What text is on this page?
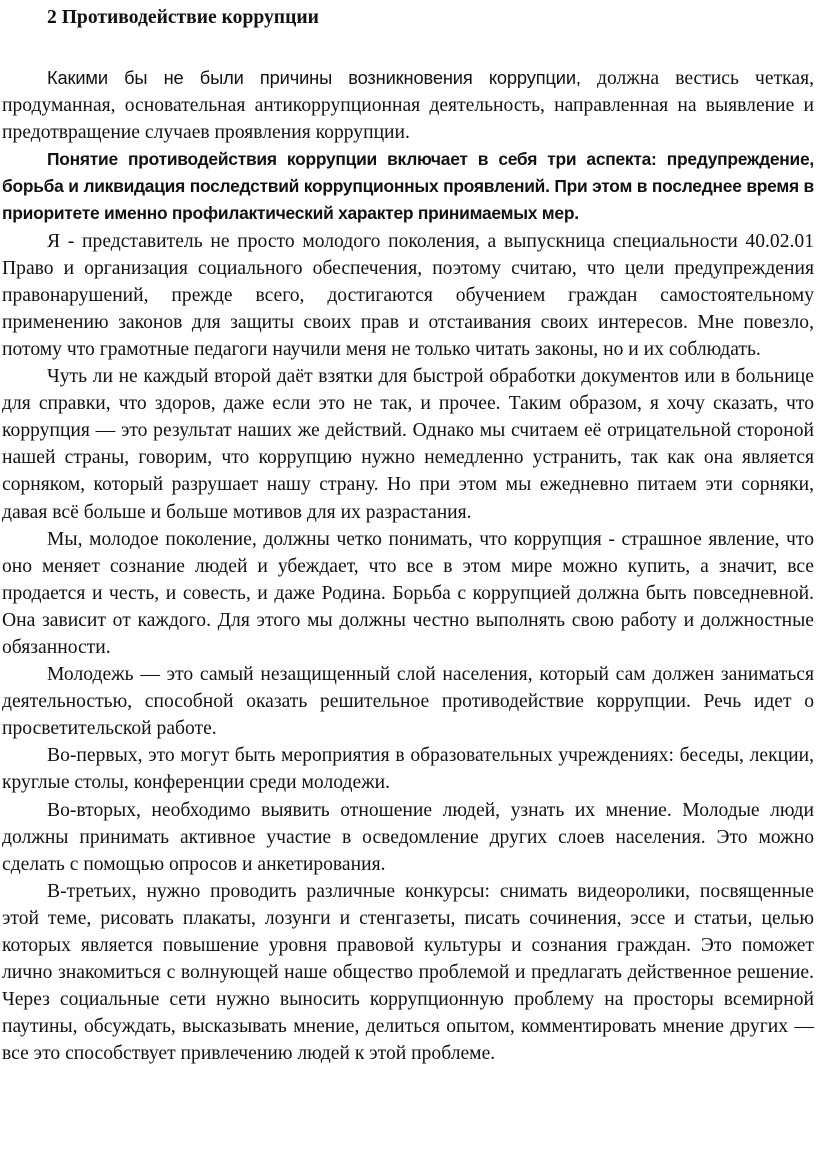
2 Противодействие коррупции

Какими бы не были причины возникновения коррупции, должна вестись четкая, продуманная, основательная антикоррупционная деятельность, направленная на выявление и предотвращение случаев проявления коррупции.

Понятие противодействия коррупции включает в себя три аспекта: предупреждение, борьба и ликвидация последствий коррупционных проявлений. При этом в последнее время в приоритете именно профилактический характер принимаемых мер.

Я - представитель не просто молодого поколения, а выпускница специальности 40.02.01 Право и организация социального обеспечения, поэтому считаю, что цели предупреждения правонарушений, прежде всего, достигаются обучением граждан самостоятельному применению законов для защиты своих прав и отстаивания своих интересов. Мне повезло, потому что грамотные педагоги научили меня не только читать законы, но и их соблюдать.

Чуть ли не каждый второй даёт взятки для быстрой обработки документов или в больнице для справки, что здоров, даже если это не так, и прочее. Таким образом, я хочу сказать, что коррупция — это результат наших же действий. Однако мы считаем её отрицательной стороной нашей страны, говорим, что коррупцию нужно немедленно устранить, так как она является сорняком, который разрушает нашу страну. Но при этом мы ежедневно питаем эти сорняки, давая всё больше и больше мотивов для их разрастания.

Мы, молодое поколение, должны четко понимать, что коррупция - страшное явление, что оно меняет сознание людей и убеждает, что все в этом мире можно купить, а значит, все продается и честь, и совесть, и даже Родина. Борьба с коррупцией должна быть повседневной. Она зависит от каждого. Для этого мы должны честно выполнять свою работу и должностные обязанности.

Молодежь — это самый незащищенный слой населения, который сам должен заниматься деятельностью, способной оказать решительное противодействие коррупции. Речь идет о просветительской работе.

Во-первых, это могут быть мероприятия в образовательных учреждениях: беседы, лекции, круглые столы, конференции среди молодежи.

Во-вторых, необходимо выявить отношение людей, узнать их мнение. Молодые люди должны принимать активное участие в осведомление других слоев населения. Это можно сделать с помощью опросов и анкетирования.

В-третьих, нужно проводить различные конкурсы: снимать видеоролики, посвященные этой теме, рисовать плакаты, лозунги и стенгазеты, писать сочинения, эссе и статьи, целью которых является повышение уровня правовой культуры и сознания граждан. Это поможет лично знакомиться с волнующей наше общество проблемой и предлагать действенное решение. Через социальные сети нужно выносить коррупционную проблему на просторы всемирной паутины, обсуждать, высказывать мнение, делиться опытом, комментировать мнение других — все это способствует привлечению людей к этой проблеме.
